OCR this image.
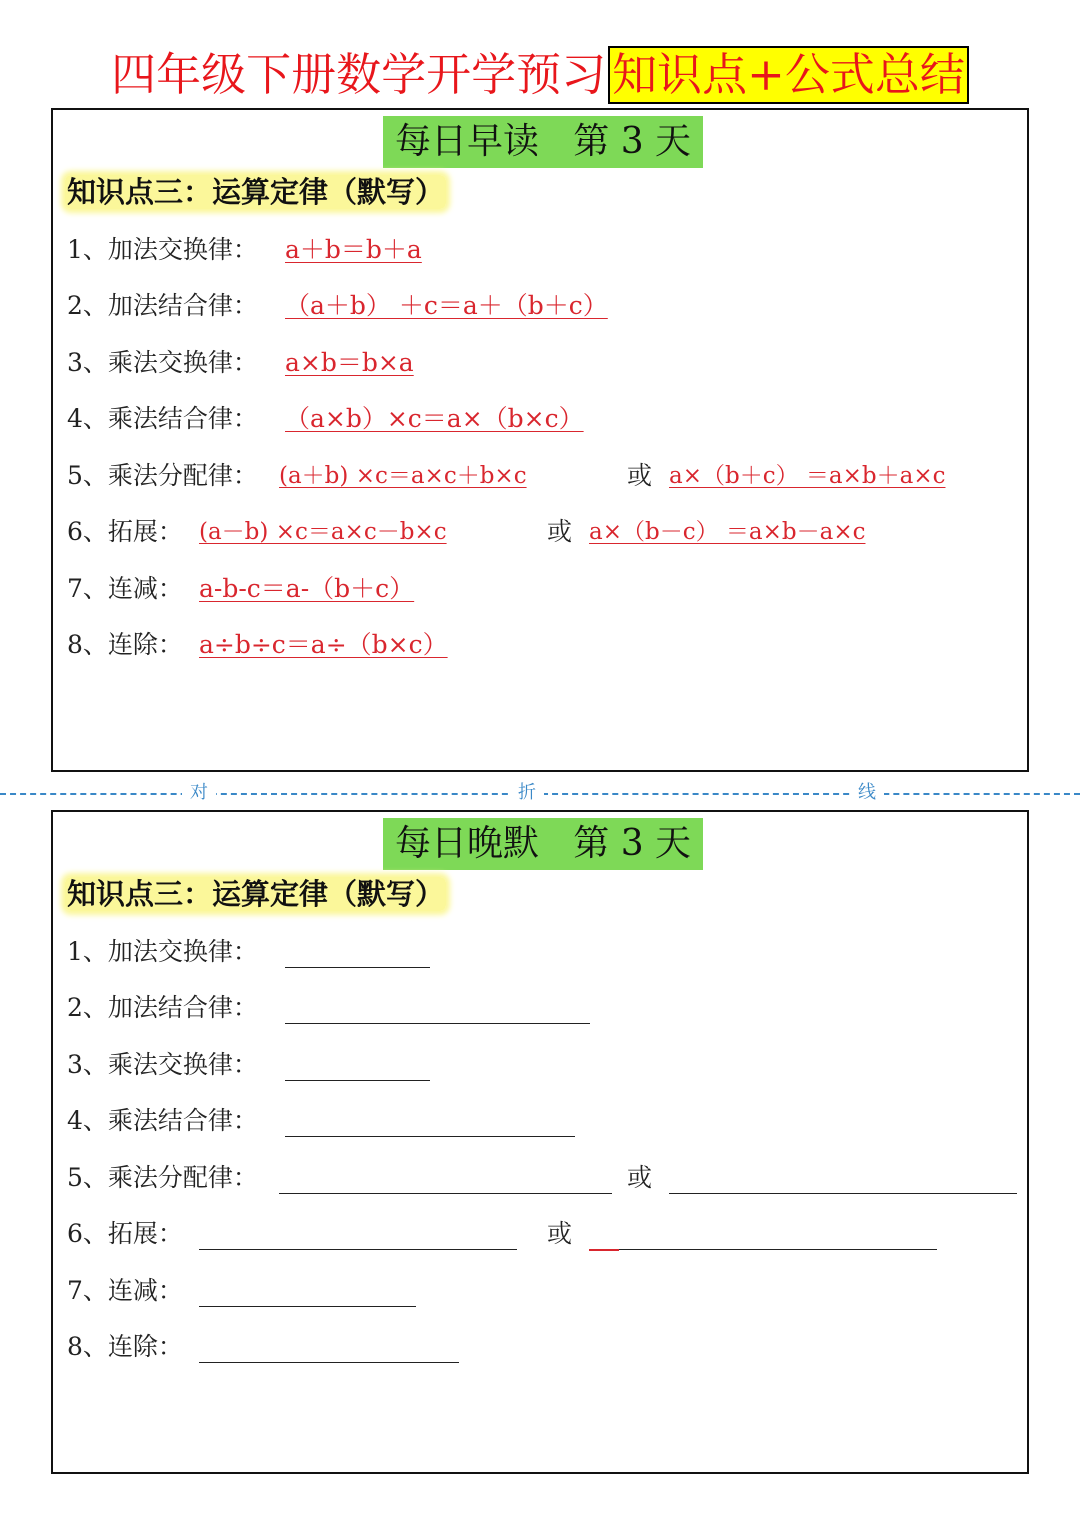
四年级下册数学开学预习 知识点+公式总结
每日早读   第 3 天
知识点三：运算定律（默写）
1、加法交换律： a＋b＝b＋a
2、加法结合律： （a＋b） ＋c＝a＋（b＋c）
3、乘法交换律： a×b＝b×a
4、乘法结合律： （a×b）×c＝a×（b×c）
5、乘法分配律： (a＋b) ×c＝a×c＋b×c	或 a×（b＋c） ＝a×b＋a×c
6、拓展： (a－b) ×c＝a×c－b×c	或 a×（b－c） ＝a×b－a×c
7、连减： a-b-c＝a-（b＋c）
8、连除： a÷b÷c＝a÷（b×c）
对	折	线
每日晚默   第 3 天
知识点三：运算定律（默写）
1、加法交换律：
2、加法结合律：
3、乘法交换律：
4、乘法结合律：
5、乘法分配律：	或
6、拓展：	或
7、连减：
8、连除：
